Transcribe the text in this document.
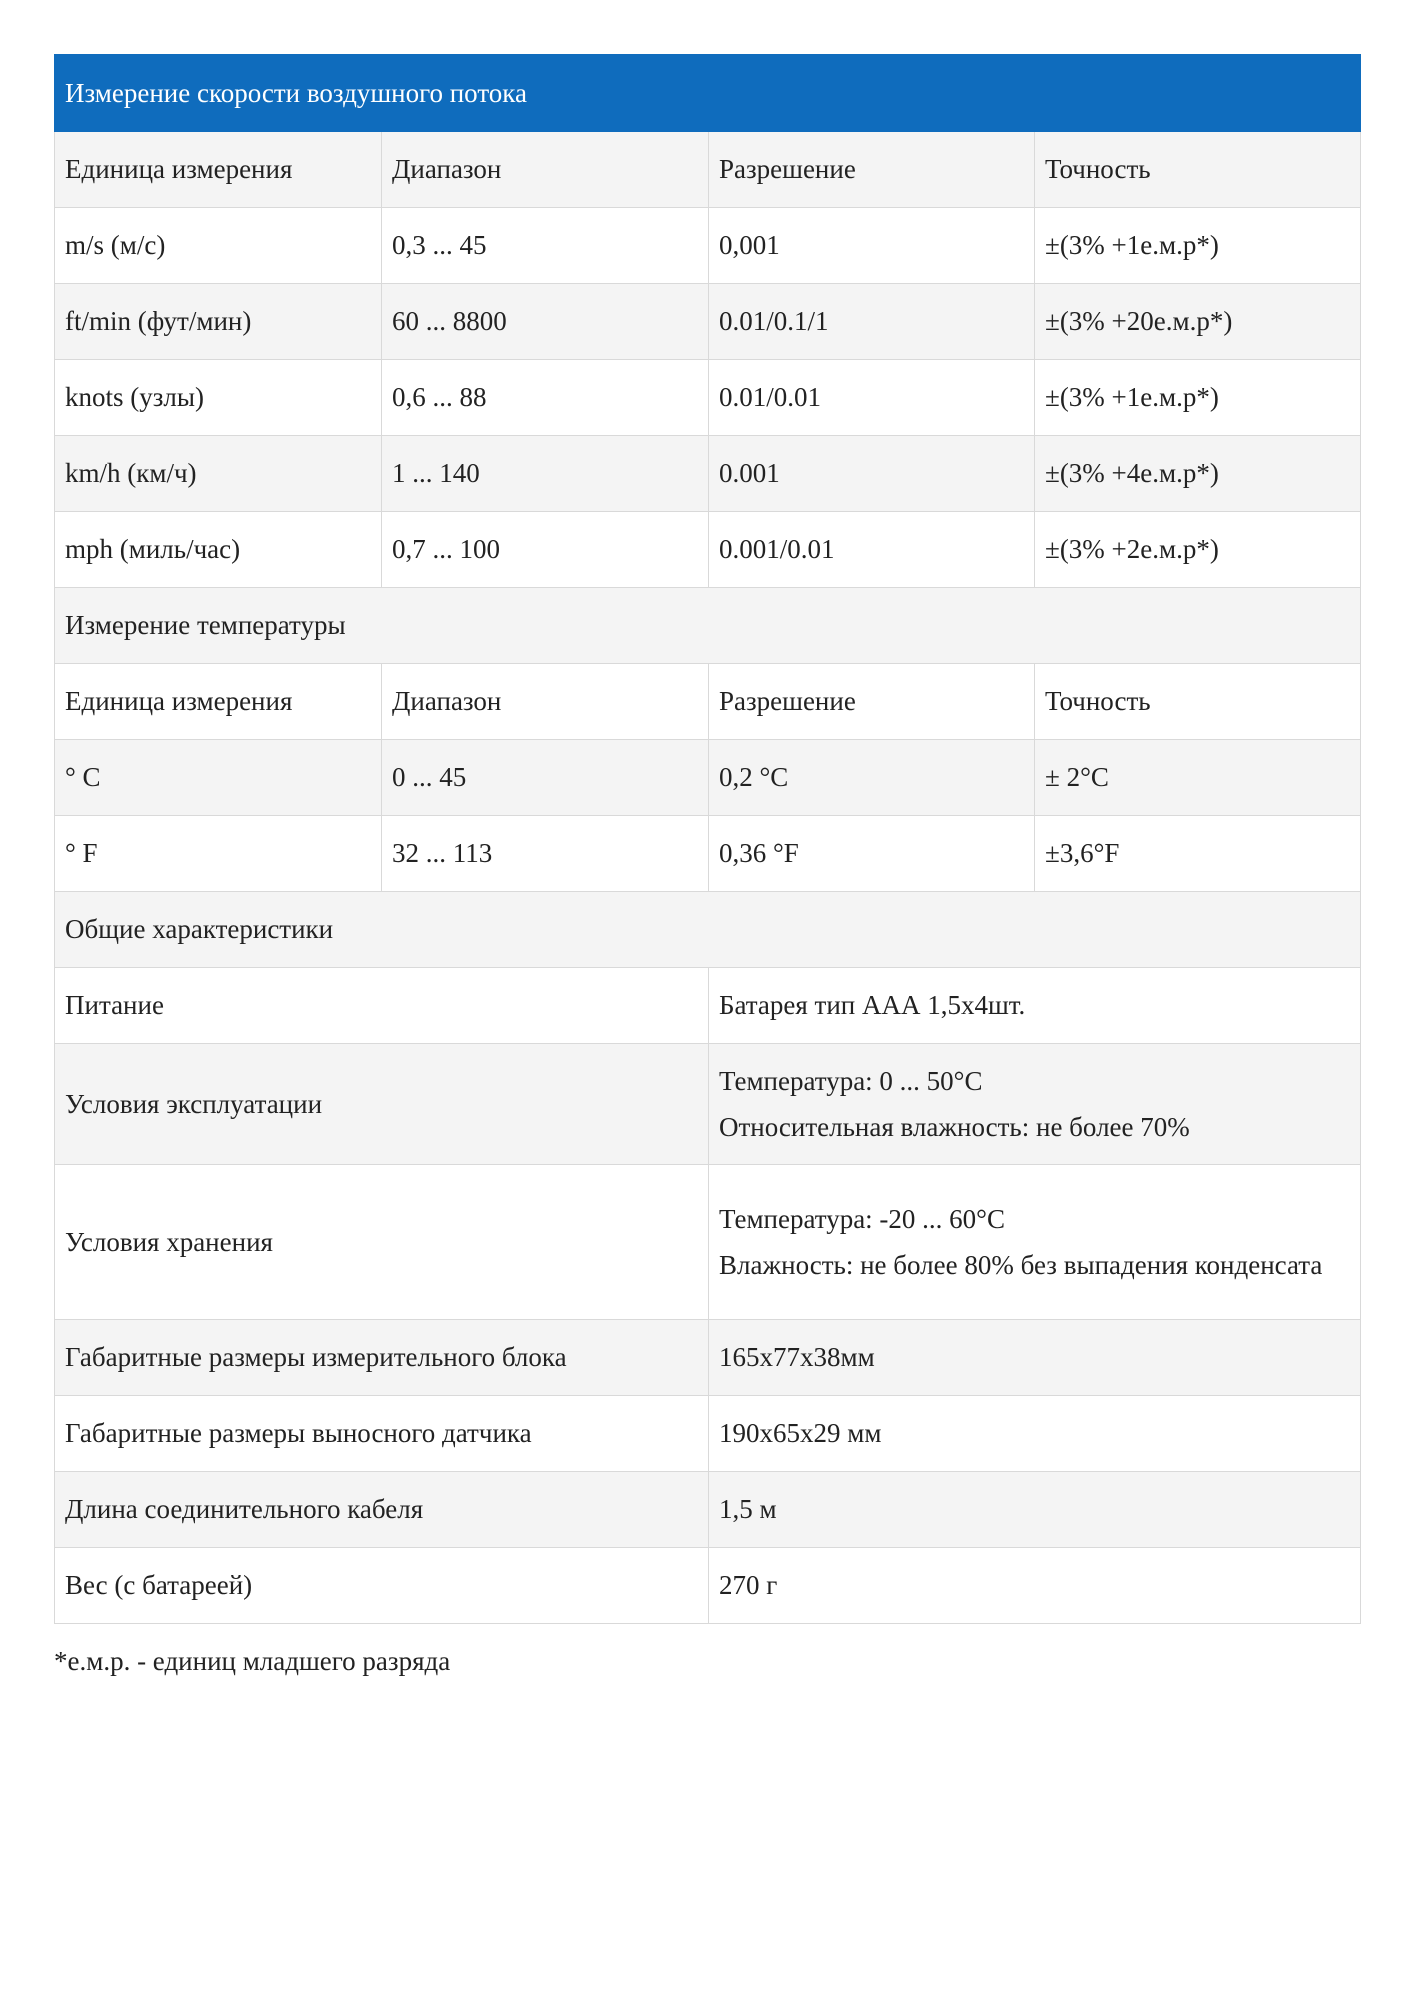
Измерение скорости воздушного потока			
Единица измерения	Диапазон	Разрешение	Точность
m/s (м/с)	0,3 ... 45	0,001	±(3% +1е.м.р*)
ft/min (фут/мин)	60 ... 8800	0.01/0.1/1	±(3% +20е.м.р*)
knots (узлы)	0,6 ... 88	0.01/0.01	±(3% +1е.м.р*)
km/h (км/ч)	1 ... 140	0.001	±(3% +4е.м.р*)
mph (миль/час)	0,7 ... 100	0.001/0.01	±(3% +2е.м.р*)
Измерение температуры			
Единица измерения	Диапазон	Разрешение	Точность
° C	0 ... 45	0,2 °C	± 2°C
° F	32 ... 113	0,36 °F	±3,6°F
Общие характеристики			
Питание		Батарея тип ААА 1,5х4шт.	

Условия эксплуатации		Температура: 0 ... 50°C
Относительная влажность: не более 70%	

Условия хранения		Температура: -20 ... 60°C
Влажность: не более 80% без выпадения конденсата	

Габаритные размеры измерительного блока		165х77х38мм	

Габаритные размеры выносного датчика		190х65х29 мм	

Длина соединительного кабеля		1,5 м	

Вес (с батареей)		270 г	
*е.м.р. - единиц младшего разряда
